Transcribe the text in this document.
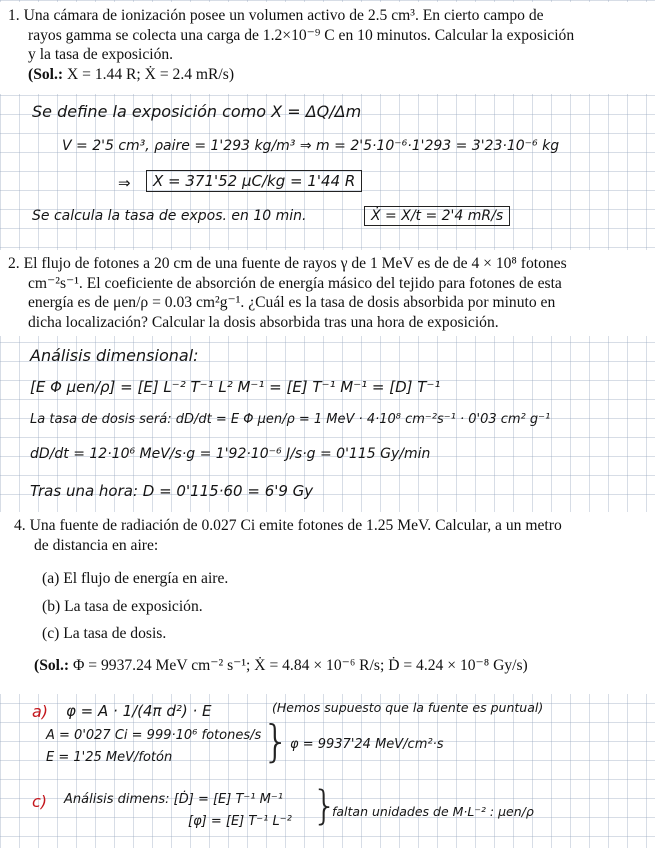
1. Una cámara de ionización posee un volumen activo de 2.5 cm³. En cierto campo de
rayos gamma se colecta una carga de 1.2×10⁻⁹ C en 10 minutos. Calcular la exposición
y la tasa de exposición.
(Sol.: X = 1.44 R; Ẋ = 2.4 mR/s)
Se define la exposición como X = ΔQ/Δm
V = 2'5 cm³, ρaire = 1'293 kg/m³ ⇒ m = 2'5·10⁻⁶·1'293 = 3'23·10⁻⁶ kg
⇒	X = 371'52 μC/kg = 1'44 R
Se calcula la tasa de expos. en 10 min.	Ẋ = X/t = 2'4 mR/s
2. El flujo de fotones a 20 cm de una fuente de rayos γ de 1 MeV es de de 4 × 10⁸ fotones
cm⁻²s⁻¹. El coeficiente de absorción de energía másico del tejido para fotones de esta
energía es de μen/ρ = 0.03 cm²g⁻¹. ¿Cuál es la tasa de dosis absorbida por minuto en
dicha localización? Calcular la dosis absorbida tras una hora de exposición.
Análisis dimensional:
[E Φ μen/ρ] = [E] L⁻² T⁻¹ L² M⁻¹ = [E] T⁻¹ M⁻¹ = [D] T⁻¹
La tasa de dosis será: dD/dt = E Φ μen/ρ = 1 MeV · 4·10⁸ cm⁻²s⁻¹ · 0'03 cm² g⁻¹
dD/dt = 12·10⁶ MeV/s·g = 1'92·10⁻⁶ J/s·g = 0'115 Gy/min
Tras una hora: D = 0'115·60 = 6'9 Gy
4. Una fuente de radiación de 0.027 Ci emite fotones de 1.25 MeV. Calcular, a un metro
de distancia en aire:
(a) El flujo de energía en aire.
(b) La tasa de exposición.
(c) La tasa de dosis.
(Sol.: Φ = 9937.24 MeV cm⁻² s⁻¹; Ẋ = 4.84 × 10⁻⁶ R/s; Ḋ = 4.24 × 10⁻⁸ Gy/s)
a) φ = A · 1/(4π d²) · E	(Hemos supuesto que la fuente es puntual)
A = 0'027 Ci = 999·10⁶ fotones/s
E = 1'25 MeV/fotón } φ = 9937'24 MeV/cm²·s
c) Análisis dimens: [Ḋ] = [E] T⁻¹ M⁻¹
[φ] = [E] T⁻¹ L⁻² }
faltan unidades de M·L⁻² : μen/ρ
